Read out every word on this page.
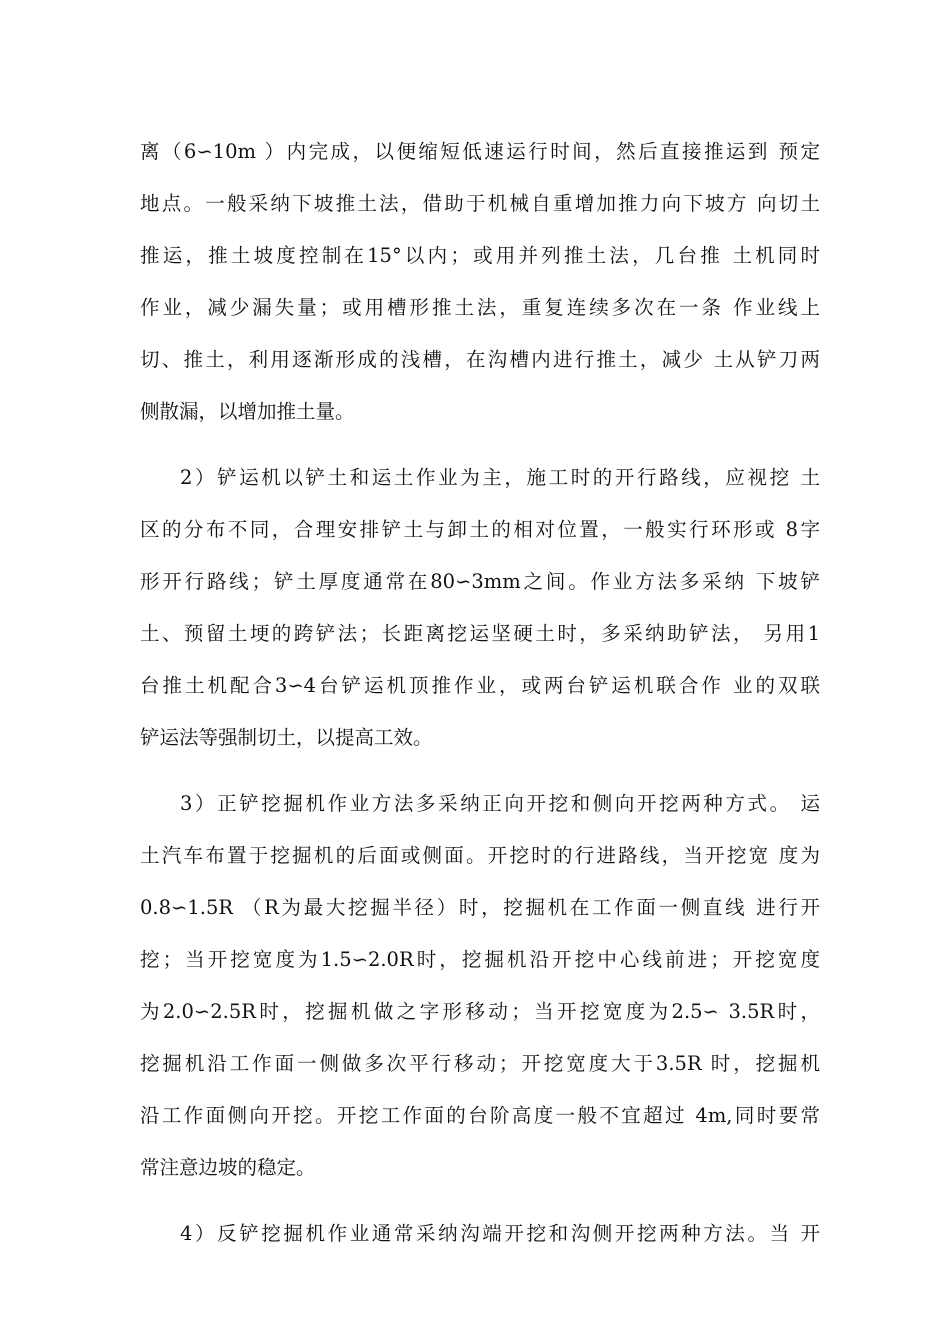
离（6∽10m ）内完成，以便缩短低速运行时间，然后直接推运到 预定
地点。一般采纳下坡推土法，借助于机械自重增加推力向下坡方 向切土
推运，推土坡度控制在15°以内；或用并列推土法，几台推 土机同时
作业，减少漏失量；或用槽形推土法，重复连续多次在一条 作业线上
切、推土，利用逐渐形成的浅槽，在沟槽内进行推土，减少 土从铲刀两
侧散漏，以增加推土量。
2）铲运机以铲土和运土作业为主，施工时的开行路线，应视挖 土
区的分布不同，合理安排铲土与卸土的相对位置，一般实行环形或 8字
形开行路线；铲土厚度通常在80∽3mm之间。作业方法多采纳 下坡铲
土、预留土埂的跨铲法；长距离挖运坚硬土时，多采纳助铲法， 另用1
台推土机配合3∽4台铲运机顶推作业，或两台铲运机联合作 业的双联
铲运法等强制切土，以提高工效。
3）正铲挖掘机作业方法多采纳正向开挖和侧向开挖两种方式。 运
土汽车布置于挖掘机的后面或侧面。开挖时的行进路线，当开挖宽 度为
0.8∽1.5R （R为最大挖掘半径）时，挖掘机在工作面一侧直线 进行开
挖；当开挖宽度为1.5∽2.0R时，挖掘机沿开挖中心线前进；开挖宽度
为2.0∽2.5R时，挖掘机做之字形移动；当开挖宽度为2.5∽ 3.5R时，
挖掘机沿工作面一侧做多次平行移动；开挖宽度大于3.5R 时，挖掘机
沿工作面侧向开挖。开挖工作面的台阶高度一般不宜超过 4m,同时要常
常注意边坡的稳定。
4）反铲挖掘机作业通常采纳沟端开挖和沟侧开挖两种方法。当 开
